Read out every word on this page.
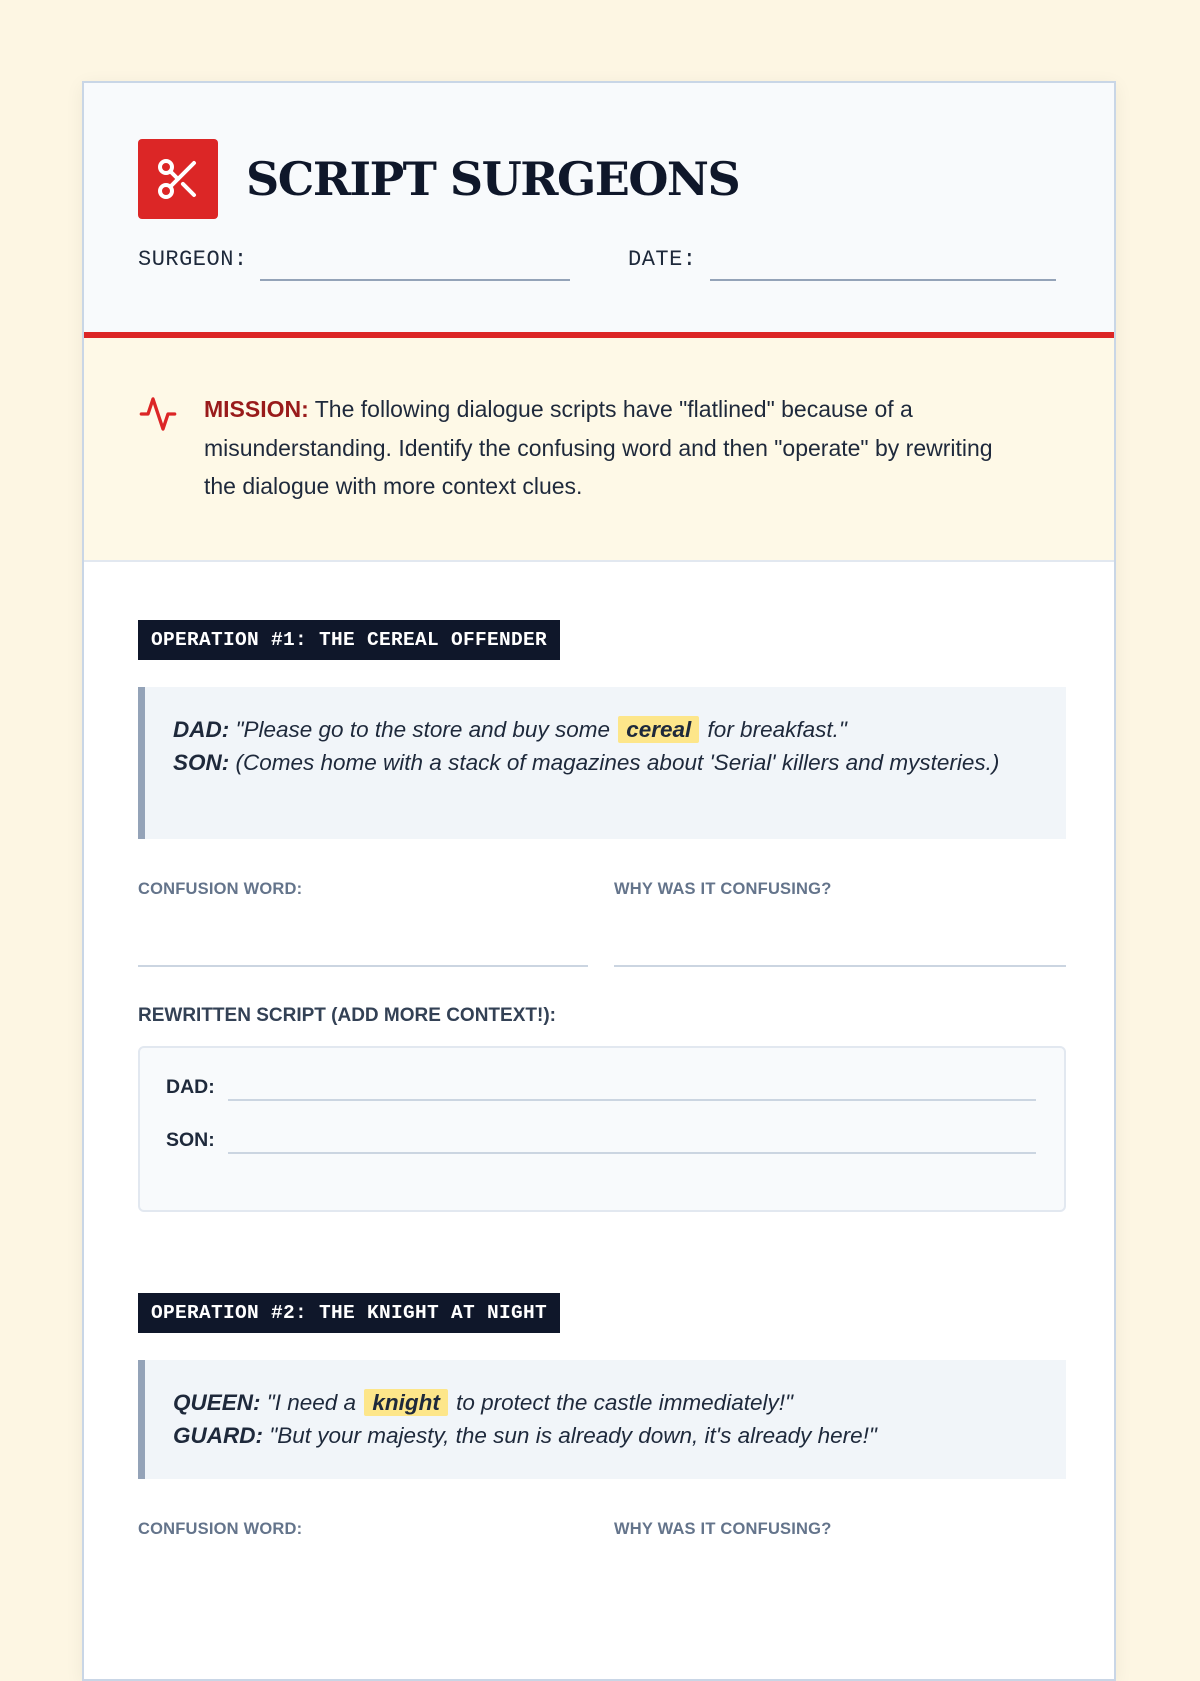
SCRIPT SURGEONS
SURGEON:	DATE:
MISSION: The following dialogue scripts have "flatlined" because of a misunderstanding. Identify the confusing word and then "operate" by rewriting the dialogue with more context clues.
OPERATION #1: THE CEREAL OFFENDER
DAD: "Please go to the store and buy some cereal for breakfast."
SON: (Comes home with a stack of magazines about 'Serial' killers and mysteries.)
CONFUSION WORD:	WHY WAS IT CONFUSING?
REWRITTEN SCRIPT (ADD MORE CONTEXT!):
DAD:
SON:
OPERATION #2: THE KNIGHT AT NIGHT
QUEEN: "I need a knight to protect the castle immediately!"
GUARD: "But your majesty, the sun is already down, it's already here!"
CONFUSION WORD:	WHY WAS IT CONFUSING?
